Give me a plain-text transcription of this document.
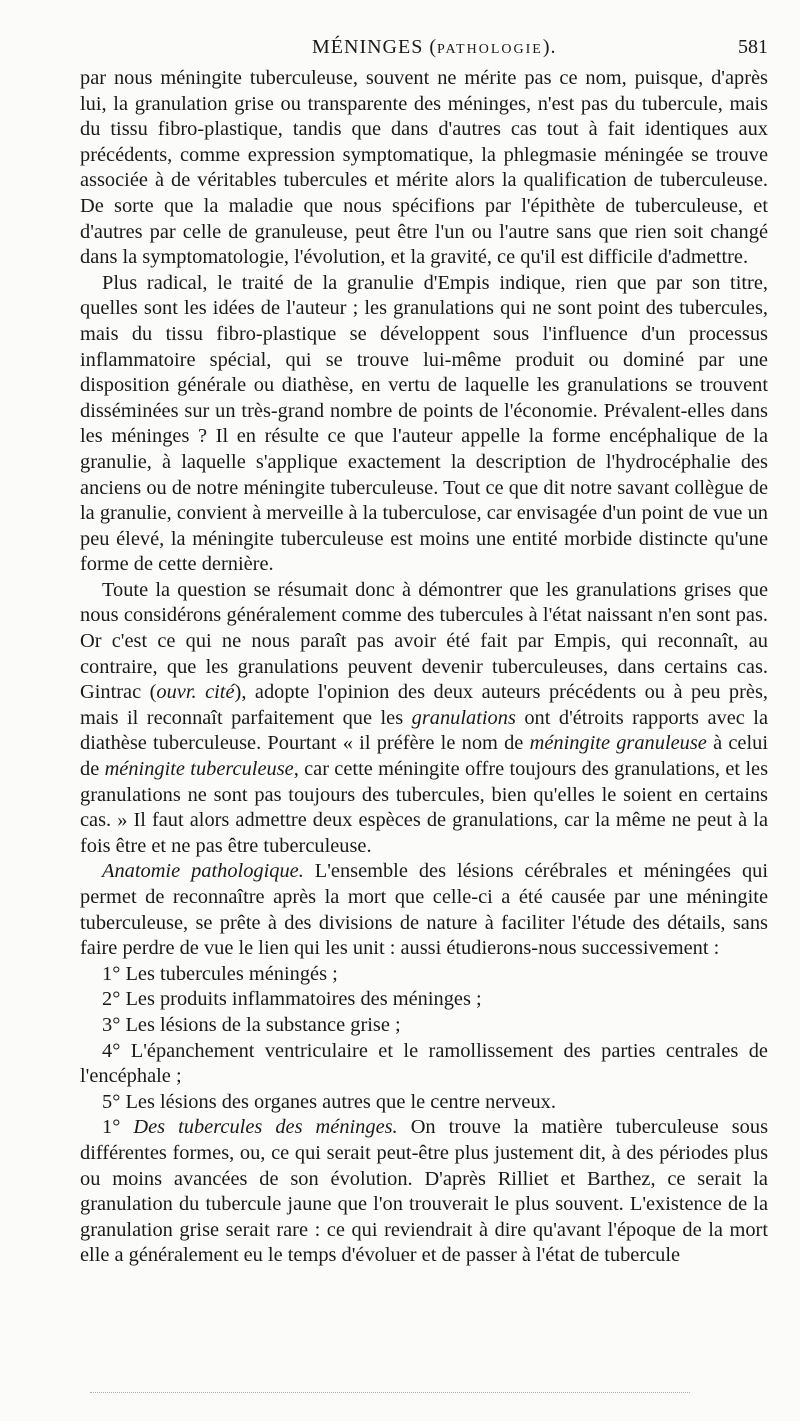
MÉNINGES (PATHOLOGIE).	581

par nous méningite tuberculeuse, souvent ne mérite pas ce nom, puisque, d'après lui, la granulation grise ou transparente des méninges, n'est pas du tubercule, mais du tissu fibro-plastique, tandis que dans d'autres cas tout à fait identiques aux précédents, comme expression symptomatique, la phlegmasie méningée se trouve associée à de véritables tubercules et mérite alors la qualification de tuberculeuse. De sorte que la maladie que nous spécifions par l'épithète de tuberculeuse, et d'autres par celle de granuleuse, peut être l'un ou l'autre sans que rien soit changé dans la symptomatologie, l'évolution, et la gravité, ce qu'il est difficile d'admettre.

Plus radical, le traité de la granulie d'Empis indique, rien que par son titre, quelles sont les idées de l'auteur ; les granulations qui ne sont point des tubercules, mais du tissu fibro-plastique se développent sous l'influence d'un processus inflammatoire spécial, qui se trouve lui-même produit ou dominé par une disposition générale ou diathèse, en vertu de laquelle les granulations se trouvent disséminées sur un très-grand nombre de points de l'économie. Prévalent-elles dans les méninges ? Il en résulte ce que l'auteur appelle la forme encéphalique de la granulie, à laquelle s'applique exactement la description de l'hydrocéphalie des anciens ou de notre méningite tuberculeuse. Tout ce que dit notre savant collègue de la granulie, convient à merveille à la tuberculose, car envisagée d'un point de vue un peu élevé, la méningite tuberculeuse est moins une entité morbide distincte qu'une forme de cette dernière.

Toute la question se résumait donc à démontrer que les granulations grises que nous considérons généralement comme des tubercules à l'état naissant n'en sont pas. Or c'est ce qui ne nous paraît pas avoir été fait par Empis, qui reconnaît, au contraire, que les granulations peuvent devenir tuberculeuses, dans certains cas. Gintrac (ouvr. cité), adopte l'opinion des deux auteurs précédents ou à peu près, mais il reconnaît parfaitement que les granulations ont d'étroits rapports avec la diathèse tuberculeuse. Pourtant « il préfère le nom de méningite granuleuse à celui de méningite tuberculeuse, car cette méningite offre toujours des granulations, et les granulations ne sont pas toujours des tubercules, bien qu'elles le soient en certains cas. » Il faut alors admettre deux espèces de granulations, car la même ne peut à la fois être et ne pas être tuberculeuse.

Anatomie pathologique. L'ensemble des lésions cérébrales et méningées qui permet de reconnaître après la mort que celle-ci a été causée par une méningite tuberculeuse, se prête à des divisions de nature à faciliter l'étude des détails, sans faire perdre de vue le lien qui les unit : aussi étudierons-nous successivement :

1° Les tubercules méningés ;

2° Les produits inflammatoires des méninges ;

3° Les lésions de la substance grise ;

4° L'épanchement ventriculaire et le ramollissement des parties centrales de l'encéphale ;

5° Les lésions des organes autres que le centre nerveux.

1° Des tubercules des méninges. On trouve la matière tuberculeuse sous différentes formes, ou, ce qui serait peut-être plus justement dit, à des périodes plus ou moins avancées de son évolution. D'après Rilliet et Barthez, ce serait la granulation du tubercule jaune que l'on trouverait le plus souvent. L'existence de la granulation grise serait rare : ce qui reviendrait à dire qu'avant l'époque de la mort elle a généralement eu le temps d'évoluer et de passer à l'état de tubercule
